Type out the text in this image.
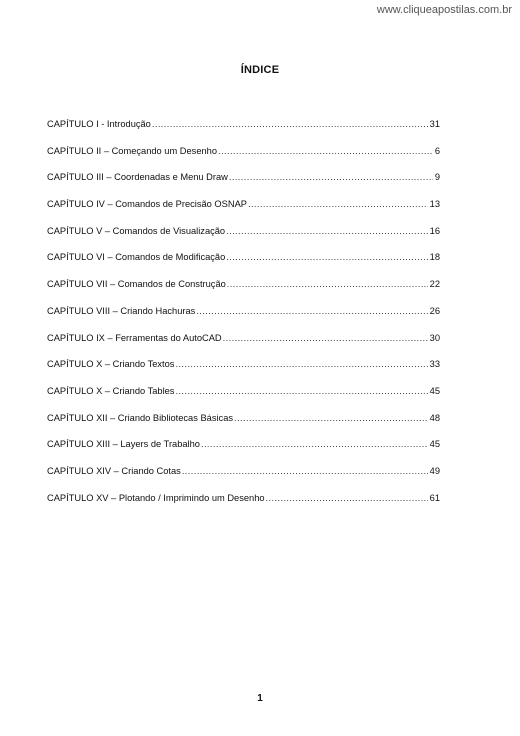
www.cliqueapostilas.com.br
ÍNDICE
CAPÍTULO I - Introdução .....	31
CAPÍTULO II – Começando um Desenho .....	6
CAPÍTULO III – Coordenadas e Menu Draw .....	9
CAPÍTULO IV – Comandos de Precisão OSNAP .....	13
CAPÍTULO V – Comandos de Visualização .....	16
CAPÍTULO VI – Comandos de Modificação .....	18
CAPÍTULO VII – Comandos de Construção .....	22
CAPÍTULO VIII – Criando Hachuras .....	26
CAPÍTULO IX – Ferramentas do AutoCAD .....	30
CAPÍTULO X – Criando Textos .....	33
CAPÍTULO X – Criando Tables .....	45
CAPÍTULO XII – Criando Bibliotecas Básicas .....	48
CAPÍTULO XIII – Layers de Trabalho .....	45
CAPÍTULO XIV – Criando Cotas .....	49
CAPÍTULO XV – Plotando / Imprimindo um Desenho .....	61
1
